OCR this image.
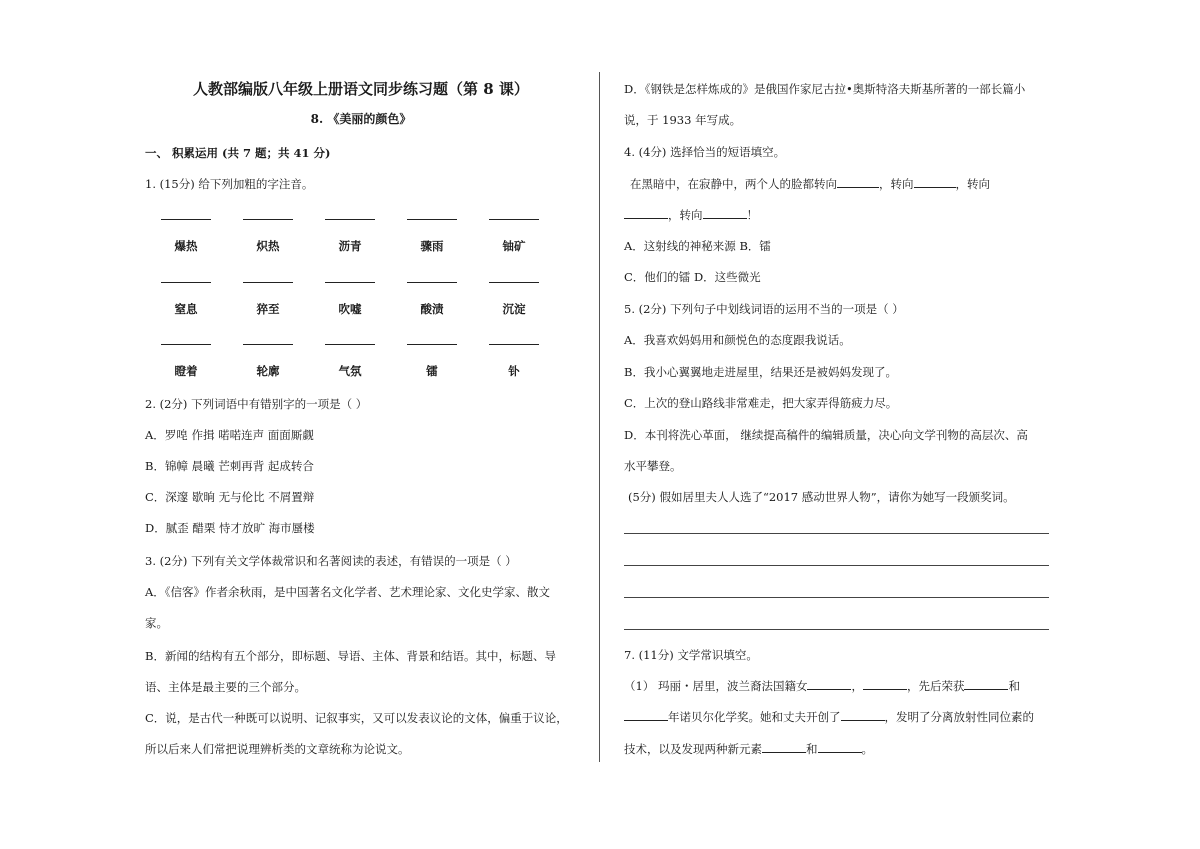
人教部编版八年级上册语文同步练习题（第 8 课）
8. 《美丽的颜色》
一、 积累运用 (共 7 题；共 41 分)
1. (15分) 给下列加粗的字注音。
爆热	炽热	沥青	骤雨	铀矿
窒息	猝至	吹嘘	酸渍	沉淀
瞪着	轮廓	气氛	镭	钋
2. (2分) 下列词语中有错别字的一项是（ ）
A．罗唣 作揖 喏喏连声 面面厮觑
B．锦幛 晨曦 芒刺再背 起成转合
C．深邃 歇晌 无与伦比 不屑置辩
D．腻歪 醋栗 恃才放旷 海市蜃楼
3. (2分) 下列有关文学体裁常识和名著阅读的表述，有错误的一项是（ ）
A．《信客》作者余秋雨，是中国著名文化学者、艺术理论家、文化史学家、散文
家。
B．新闻的结构有五个部分，即标题、导语、主体、背景和结语。其中，标题、导
语、主体是最主要的三个部分。
C．说，是古代一种既可以说明、记叙事实，又可以发表议论的文体，偏重于议论，
所以后来人们常把说理辨析类的文章统称为论说文。
D．《钢铁是怎样炼成的》是俄国作家尼古拉•奥斯特洛夫斯基所著的一部长篇小
说，于 1933 年写成。
4. (4分) 选择恰当的短语填空。
在黑暗中，在寂静中，两个人的脸都转向	，转向	，转向
，转向	！
A．这射线的神秘来源 B．镭
C．他们的镭 D．这些微光
5. (2分) 下列句子中划线词语的运用不当的一项是（ ）
A．我喜欢妈妈用和颜悦色的态度跟我说话。
B．我小心翼翼地走进屋里，结果还是被妈妈发现了。
C．上次的登山路线非常难走，把大家弄得筋疲力尽。
D．本刊将洗心革面， 继续提高稿件的编辑质量，决心向文学刊物的高层次、高
水平攀登。
(5分) 假如居里夫人人选了“2017 感动世界人物”，请你为她写一段颁奖词。
7. (11分) 文学常识填空。
（1） 玛丽・居里，波兰裔法国籍女	，	，先后荣获	和
年诺贝尔化学奖。她和丈夫开创了	，发明了分离放射性同位素的
技术，以及发现两种新元素	和	。
